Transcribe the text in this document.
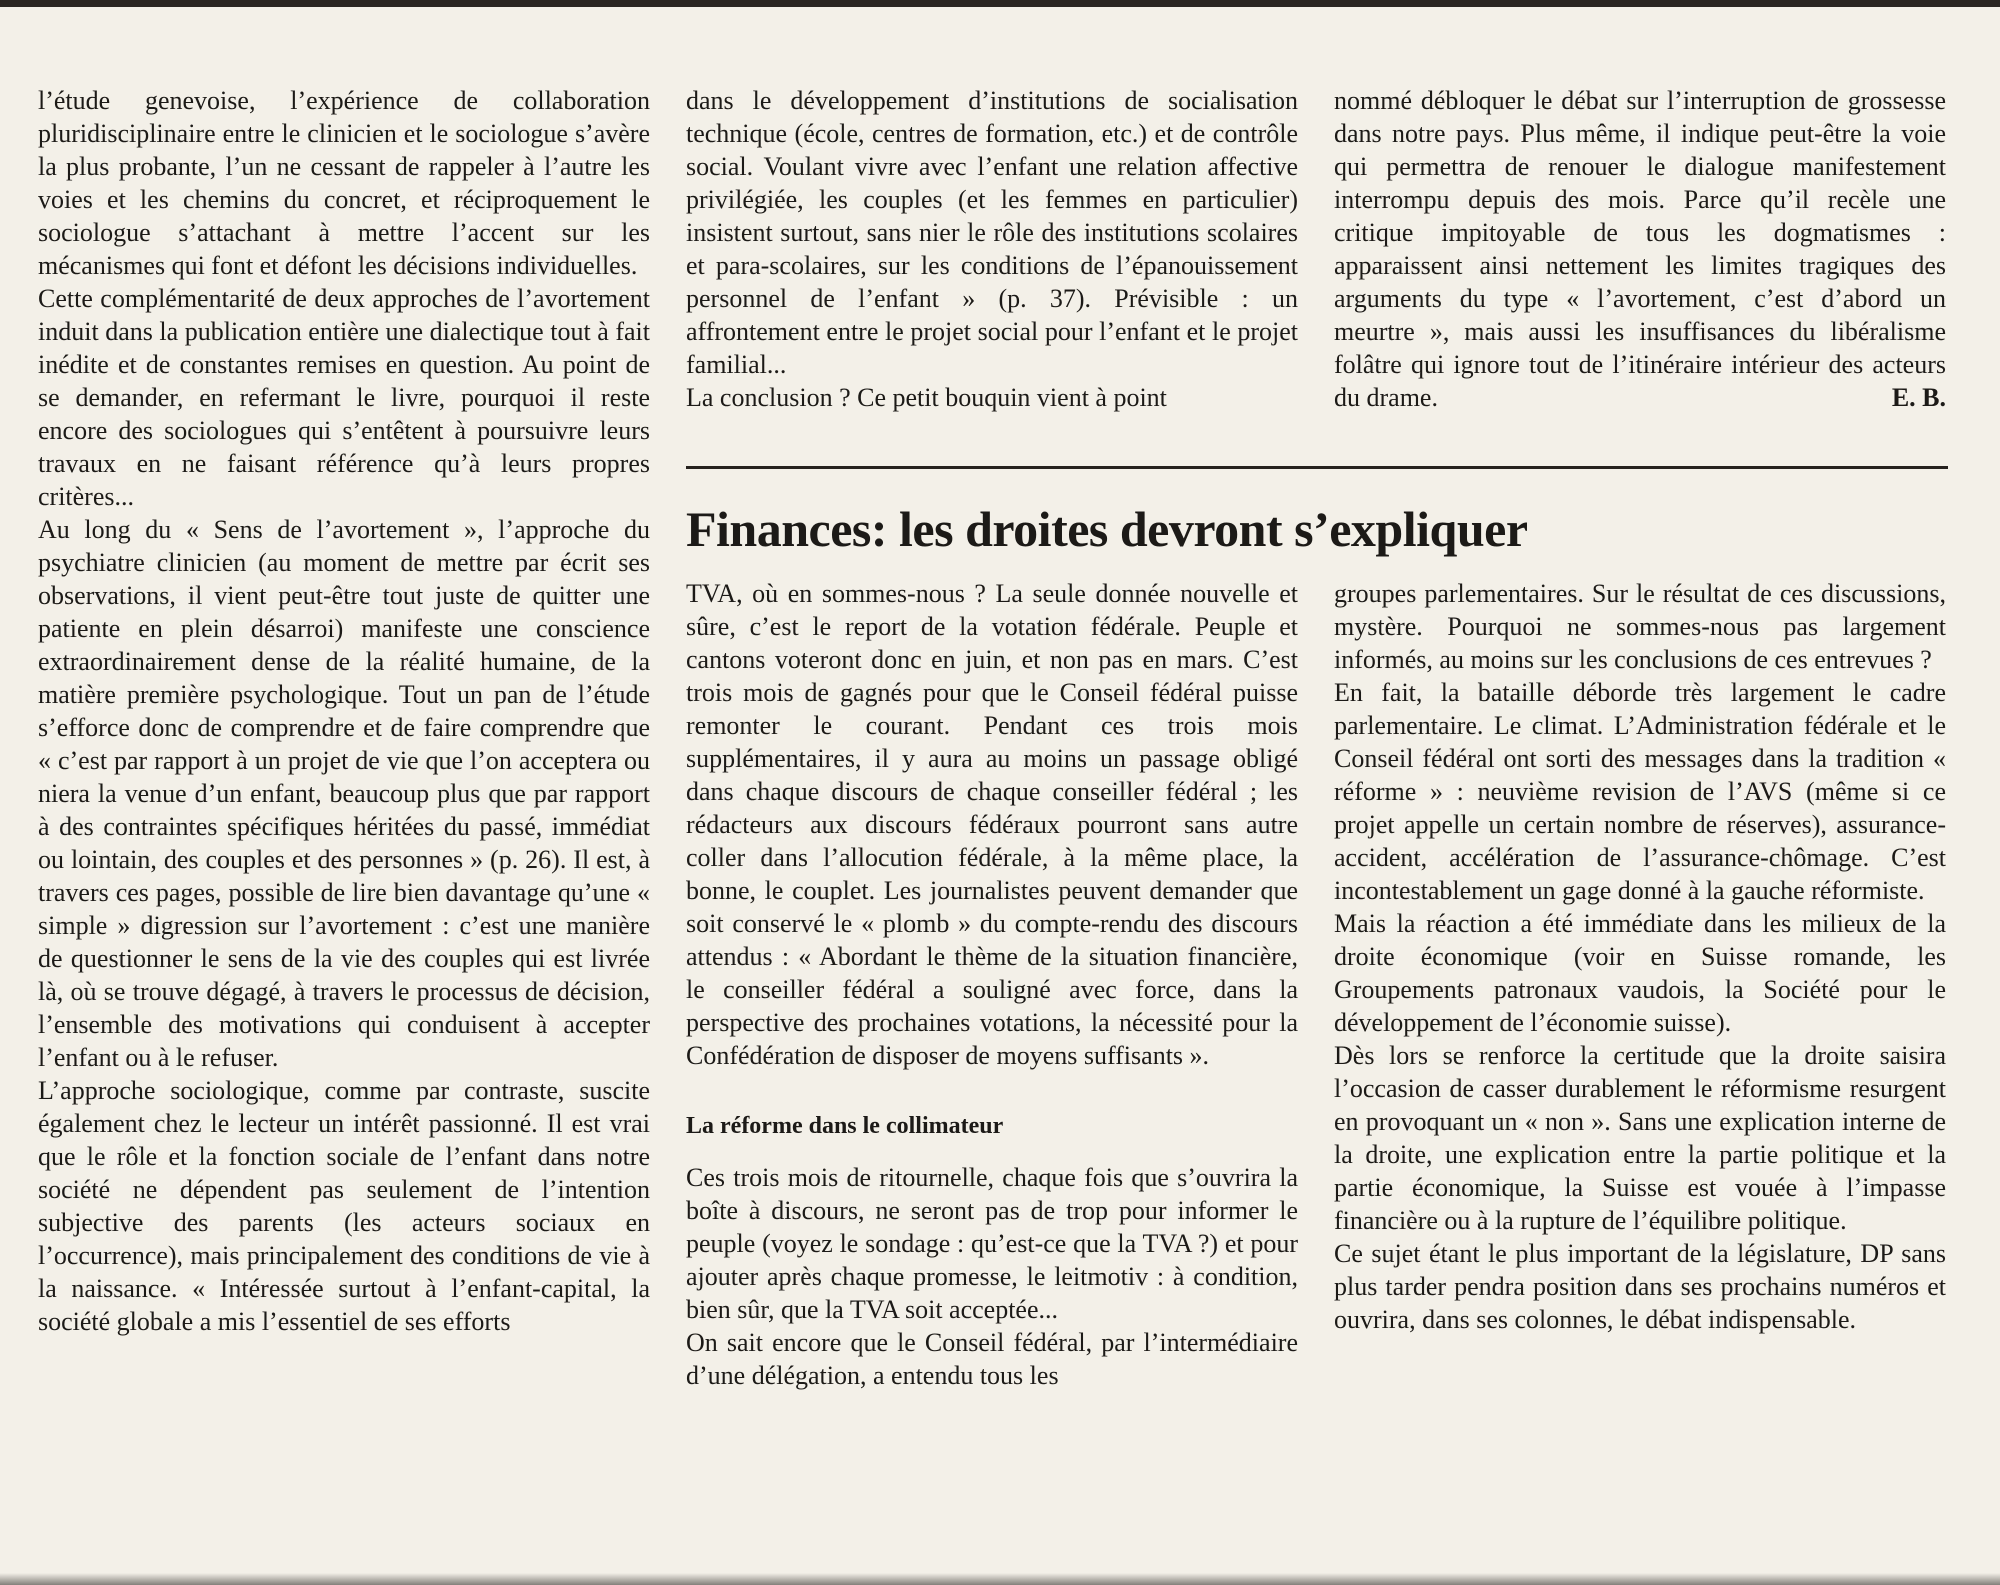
l’étude genevoise, l’expérience de collaboration pluridisciplinaire entre le clinicien et le sociologue s’avère la plus probante, l’un ne cessant de rappeler à l’autre les voies et les chemins du concret, et réciproquement le sociologue s’attachant à mettre l’accent sur les mécanismes qui font et défont les décisions individuelles.

Cette complémentarité de deux approches de l’avortement induit dans la publication entière une dialectique tout à fait inédite et de constantes remises en question. Au point de se demander, en refermant le livre, pourquoi il reste encore des sociologues qui s’entêtent à poursuivre leurs travaux en ne faisant référence qu’à leurs propres critères...

Au long du « Sens de l’avortement », l’approche du psychiatre clinicien (au moment de mettre par écrit ses observations, il vient peut-être tout juste de quitter une patiente en plein désarroi) manifeste une conscience extraordinairement dense de la réalité humaine, de la matière première psychologique. Tout un pan de l’étude s’efforce donc de comprendre et de faire comprendre que « c’est par rapport à un projet de vie que l’on acceptera ou niera la venue d’un enfant, beaucoup plus que par rapport à des contraintes spécifiques héritées du passé, immédiat ou lointain, des couples et des personnes » (p. 26). Il est, à travers ces pages, possible de lire bien davantage qu’une « simple » digression sur l’avortement : c’est une manière de questionner le sens de la vie des couples qui est livrée là, où se trouve dégagé, à travers le processus de décision, l’ensemble des motivations qui conduisent à accepter l’enfant ou à le refuser.

L’approche sociologique, comme par contraste, suscite également chez le lecteur un intérêt passionné. Il est vrai que le rôle et la fonction sociale de l’enfant dans notre société ne dépendent pas seulement de l’intention subjective des parents (les acteurs sociaux en l’occurrence), mais principalement des conditions de vie à la naissance. « Intéressée surtout à l’enfant-capital, la société globale a mis l’essentiel de ses efforts

dans le développement d’institutions de socialisation technique (école, centres de formation, etc.) et de contrôle social. Voulant vivre avec l’enfant une relation affective privilégiée, les couples (et les femmes en particulier) insistent surtout, sans nier le rôle des institutions scolaires et para-scolaires, sur les conditions de l’épanouissement personnel de l’enfant » (p. 37). Prévisible : un affrontement entre le projet social pour l’enfant et le projet familial...

La conclusion ? Ce petit bouquin vient à point

nommé débloquer le débat sur l’interruption de grossesse dans notre pays. Plus même, il indique peut-être la voie qui permettra de renouer le dialogue manifestement interrompu depuis des mois. Parce qu’il recèle une critique impitoyable de tous les dogmatismes : apparaissent ainsi nettement les limites tragiques des arguments du type « l’avortement, c’est d’abord un meurtre », mais aussi les insuffisances du libéralisme folâtre qui ignore tout de l’itinéraire intérieur des acteurs du drame.	E. B.
Finances: les droites devront s’expliquer

TVA, où en sommes-nous ? La seule donnée nouvelle et sûre, c’est le report de la votation fédérale. Peuple et cantons voteront donc en juin, et non pas en mars. C’est trois mois de gagnés pour que le Conseil fédéral puisse remonter le courant. Pendant ces trois mois supplémentaires, il y aura au moins un passage obligé dans chaque discours de chaque conseiller fédéral ; les rédacteurs aux discours fédéraux pourront sans autre coller dans l’allocution fédérale, à la même place, la bonne, le couplet. Les journalistes peuvent demander que soit conservé le « plomb » du compte-rendu des discours attendus : « Abordant le thème de la situation financière, le conseiller fédéral a souligné avec force, dans la perspective des prochaines votations, la nécessité pour la Confédération de disposer de moyens suffisants ».

La réforme dans le collimateur

Ces trois mois de ritournelle, chaque fois que s’ouvrira la boîte à discours, ne seront pas de trop pour informer le peuple (voyez le sondage : qu’est-ce que la TVA ?) et pour ajouter après chaque promesse, le leitmotiv : à condition, bien sûr, que la TVA soit acceptée...

On sait encore que le Conseil fédéral, par l’intermédiaire d’une délégation, a entendu tous les

groupes parlementaires. Sur le résultat de ces discussions, mystère. Pourquoi ne sommes-nous pas largement informés, au moins sur les conclusions de ces entrevues ?

En fait, la bataille déborde très largement le cadre parlementaire. Le climat. L’Administration fédérale et le Conseil fédéral ont sorti des messages dans la tradition « réforme » : neuvième revision de l’AVS (même si ce projet appelle un certain nombre de réserves), assurance-accident, accélération de l’assurance-chômage. C’est incontestablement un gage donné à la gauche réformiste.

Mais la réaction a été immédiate dans les milieux de la droite économique (voir en Suisse romande, les Groupements patronaux vaudois, la Société pour le développement de l’économie suisse).

Dès lors se renforce la certitude que la droite saisira l’occasion de casser durablement le réformisme resurgent en provoquant un « non ». Sans une explication interne de la droite, une explication entre la partie politique et la partie économique, la Suisse est vouée à l’impasse financière ou à la rupture de l’équilibre politique.

Ce sujet étant le plus important de la législature, DP sans plus tarder pendra position dans ses prochains numéros et ouvrira, dans ses colonnes, le débat indispensable.
